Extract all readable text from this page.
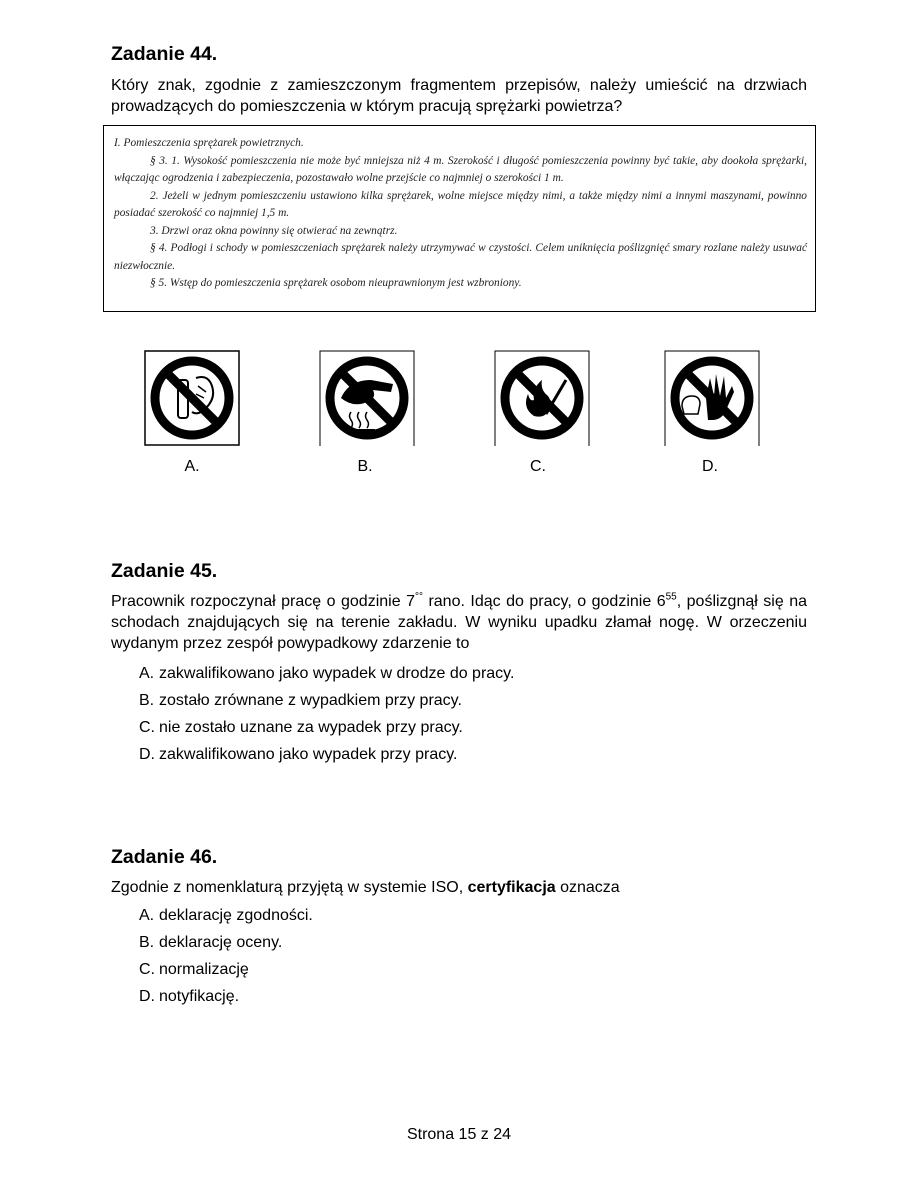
Zadanie 44.

Który znak, zgodnie z zamieszczonym fragmentem przepisów, należy umieścić na drzwiach prowadzących do pomieszczenia w którym pracują sprężarki powietrza?

I. Pomieszczenia sprężarek powietrznych.

§ 3. 1. Wysokość pomieszczenia nie może być mniejsza niż 4 m. Szerokość i długość pomieszczenia powinny być takie, aby dookoła sprężarki, włączając ogrodzenia i zabezpieczenia, pozostawało wolne przejście co najmniej o szerokości 1 m.

2. Jeżeli w jednym pomieszczeniu ustawiono kilka sprężarek, wolne miejsce między nimi, a także między nimi a innymi maszynami, powinno posiadać szerokość co najmniej 1,5 m.

3. Drzwi oraz okna powinny się otwierać na zewnątrz.

§ 4. Podłogi i schody w pomieszczeniach sprężarek należy utrzymywać w czystości. Celem uniknięcia poślizgnięć smary rozlane należy usuwać niezwłocznie.

§ 5. Wstęp do pomieszczenia sprężarek osobom nieuprawnionym jest wzbroniony.

A.	B.	C.	D.
Zadanie 45.

Pracownik rozpoczynał pracę o godzinie 7°° rano. Idąc do pracy, o godzinie $6^{55}$, poślizgnął się na schodach znajdujących się na terenie zakładu. W wyniku upadku złamał nogę. W orzeczeniu wydanym przez zespół powypadkowy zdarzenie to

A. zakwalifikowano jako wypadek w drodze do pracy.
B. zostało zrównane z wypadkiem przy pracy.
C. nie zostało uznane za wypadek przy pracy.
D. zakwalifikowano jako wypadek przy pracy.
Zadanie 46.

Zgodnie z nomenklaturą przyjętą w systemie ISO, certyfikacja oznacza

A. deklarację zgodności.
B. deklarację oceny.
C. normalizację
D. notyfikację.
Strona 15 z 24
